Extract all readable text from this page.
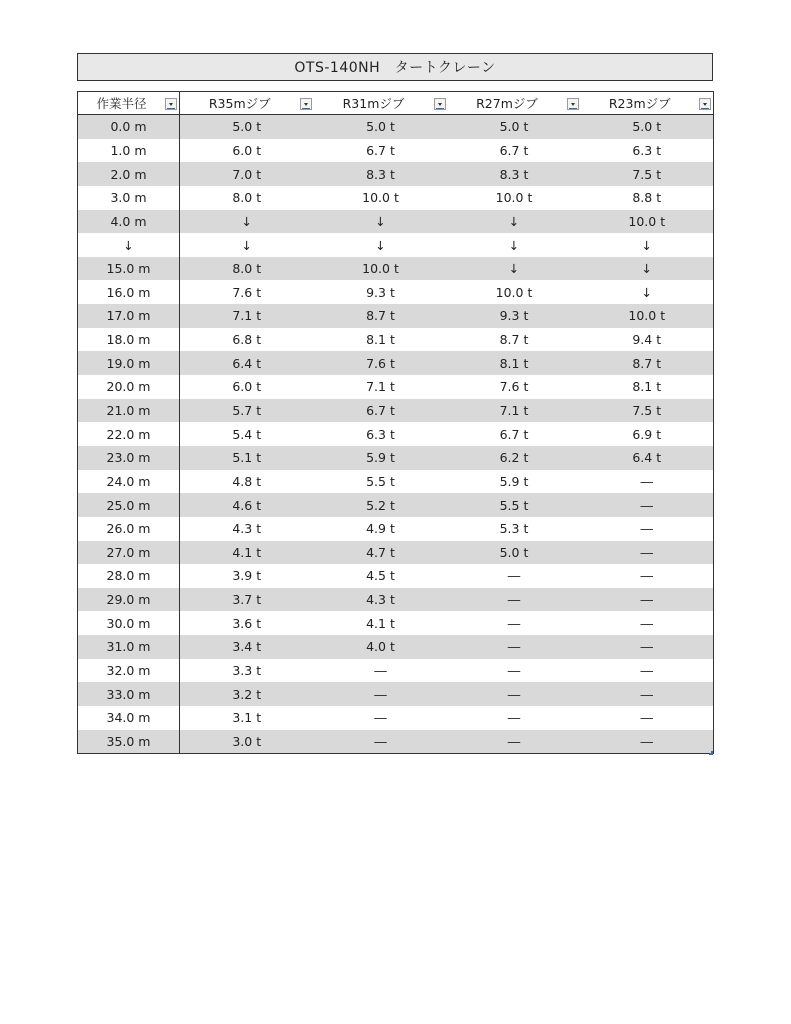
OTS-140NH　タートクレーン
作業半径	R35mジブ	R31mジブ	R27mジブ	R23mジブ

0.0 m	5.0 t	5.0 t	5.0 t	5.0 t
1.0 m	6.0 t	6.7 t	6.7 t	6.3 t
2.0 m	7.0 t	8.3 t	8.3 t	7.5 t
3.0 m	8.0 t	10.0 t	10.0 t	8.8 t
4.0 m	↓	↓	↓	10.0 t
↓	↓	↓	↓	↓
15.0 m	8.0 t	10.0 t	↓	↓
16.0 m	7.6 t	9.3 t	10.0 t	↓
17.0 m	7.1 t	8.7 t	9.3 t	10.0 t
18.0 m	6.8 t	8.1 t	8.7 t	9.4 t
19.0 m	6.4 t	7.6 t	8.1 t	8.7 t
20.0 m	6.0 t	7.1 t	7.6 t	8.1 t
21.0 m	5.7 t	6.7 t	7.1 t	7.5 t
22.0 m	5.4 t	6.3 t	6.7 t	6.9 t
23.0 m	5.1 t	5.9 t	6.2 t	6.4 t
24.0 m	4.8 t	5.5 t	5.9 t	―
25.0 m	4.6 t	5.2 t	5.5 t	―
26.0 m	4.3 t	4.9 t	5.3 t	―
27.0 m	4.1 t	4.7 t	5.0 t	―
28.0 m	3.9 t	4.5 t	―	―
29.0 m	3.7 t	4.3 t	―	―
30.0 m	3.6 t	4.1 t	―	―
31.0 m	3.4 t	4.0 t	―	―
32.0 m	3.3 t	―	―	―
33.0 m	3.2 t	―	―	―
34.0 m	3.1 t	―	―	―
35.0 m	3.0 t	―	―	―
